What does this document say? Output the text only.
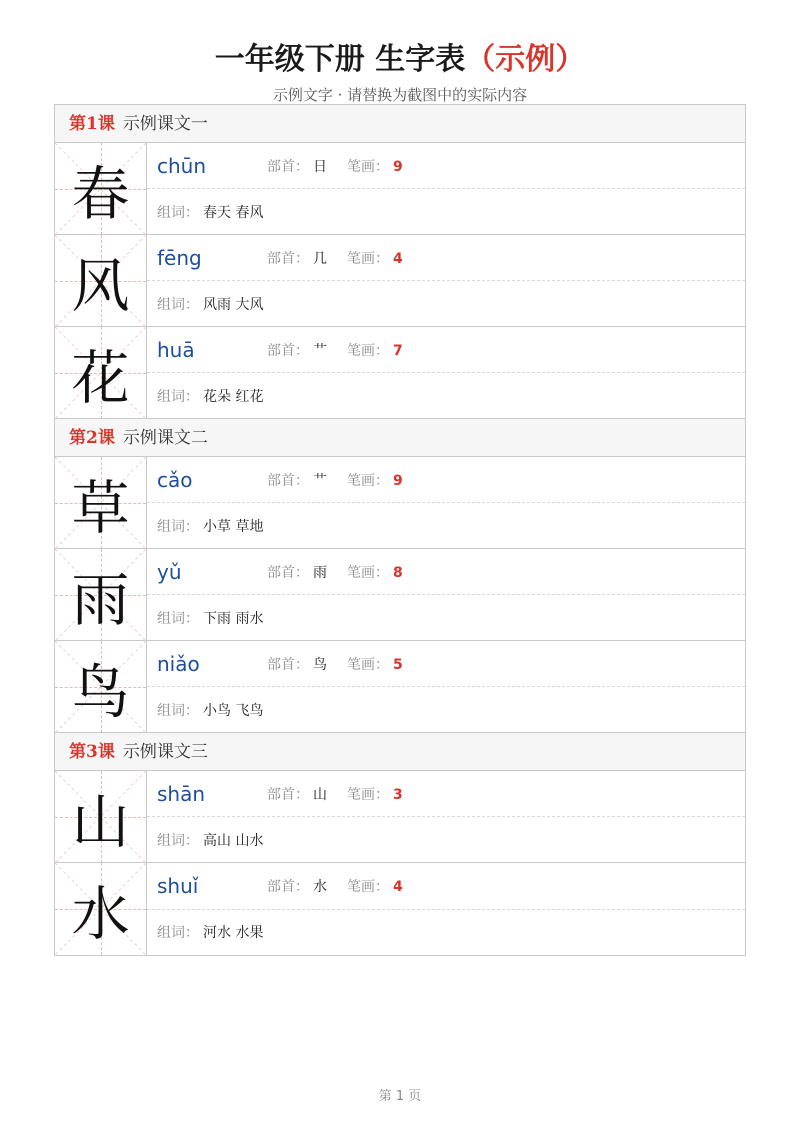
一年级下册 生字表（示例）
示例文字 · 请替换为截图中的实际内容
第1课 示例课文一
春	chūn	部首： 日 笔画： 9
组词： 春天 春风
风	fēng	部首： 几 笔画： 4
组词： 风雨 大风
花	huā	部首： 艹 笔画： 7
组词： 花朵 红花
第2课 示例课文二
草	cǎo	部首： 艹 笔画： 9
组词： 小草 草地
雨	yǔ	部首： 雨 笔画： 8
组词： 下雨 雨水
鸟	niǎo	部首： 鸟 笔画： 5
组词： 小鸟 飞鸟
第3课 示例课文三
山	shān	部首： 山 笔画： 3
组词： 高山 山水
水	shuǐ	部首： 水 笔画： 4
组词： 河水 水果
第 1 页
